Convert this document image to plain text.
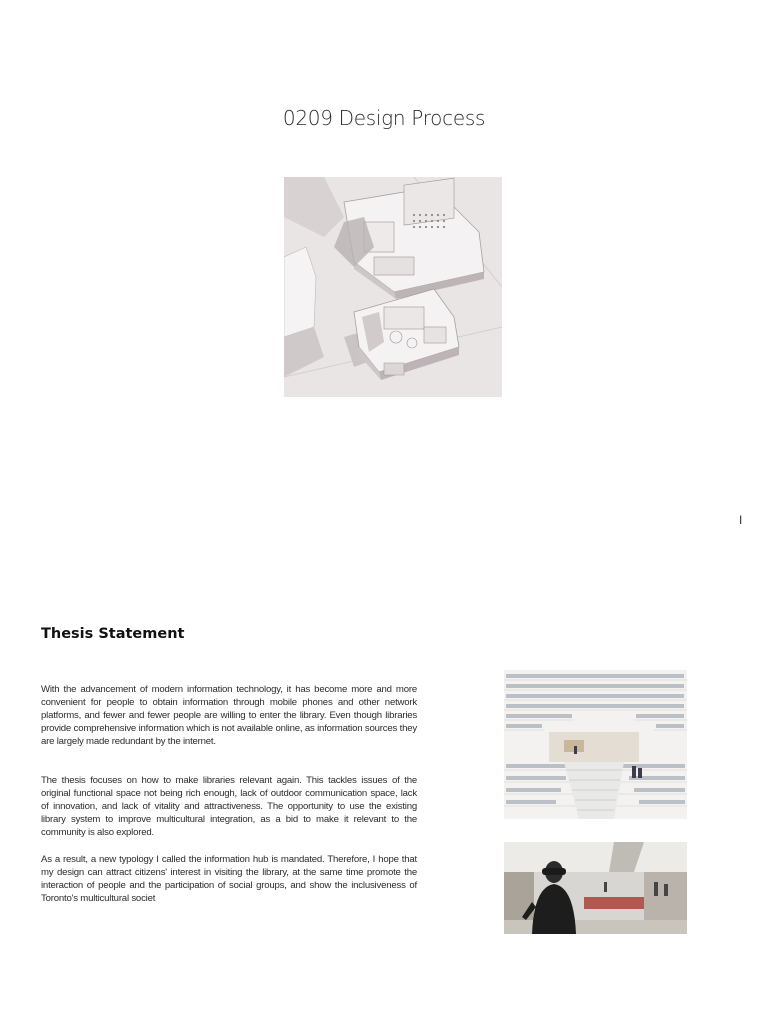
0209 Design Process
I
Thesis Statement

With the advancement of modern information technology, it has become more and more convenient for people to obtain information through mobile phones and other network platforms, and fewer and fewer people are willing to enter the library. Even though libraries provide comprehensive information which is not available online, as information sources they are largely made redundant by the internet.

The thesis focuses on how to make libraries relevant again. This tackles issues of the original functional space not being rich enough, lack of outdoor communication space, lack of innovation, and lack of vitality and attractiveness. The opportunity to use the existing library system to improve multicultural integration, as a bid to make it relevant to the community is also explored.

As a result, a new typology I called the information hub is mandated. Therefore, I hope that my design can attract citizens' interest in visiting the library, at the same time promote the interaction of people and the participation of social groups, and show the inclusiveness of Toronto's multicultural societ
